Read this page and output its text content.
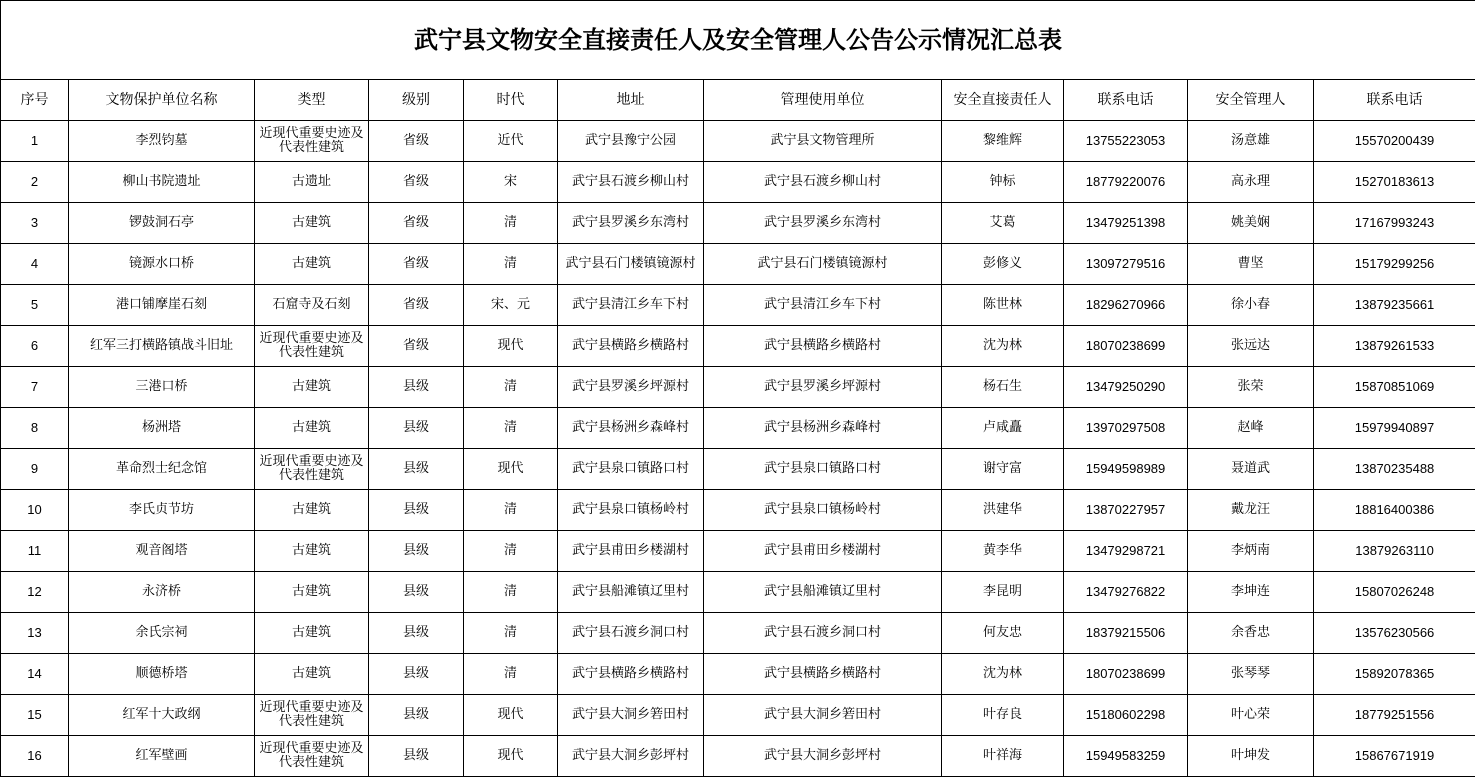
武宁县文物安全直接责任人及安全管理人公告公示情况汇总表										
序号	文物保护单位名称	类型	级别	时代	地址	管理使用单位	安全直接责任人	联系电话	安全管理人	联系电话
1	李烈钧墓	近现代重要史迹及代表性建筑	省级	近代	武宁县豫宁公园	武宁县文物管理所	黎维辉	13755223053	汤意雄	15570200439
2	柳山书院遗址	古遗址	省级	宋	武宁县石渡乡柳山村	武宁县石渡乡柳山村	钟标	18779220076	高永理	15270183613
3	锣鼓洞石亭	古建筑	省级	清	武宁县罗溪乡东湾村	武宁县罗溪乡东湾村	艾葛	13479251398	姚美娴	17167993243
4	镜源水口桥	古建筑	省级	清	武宁县石门楼镇镜源村	武宁县石门楼镇镜源村	彭修义	13097279516	曹坚	15179299256
5	港口铺摩崖石刻	石窟寺及石刻	省级	宋、元	武宁县清江乡车下村	武宁县清江乡车下村	陈世林	18296270966	徐小春	13879235661
6	红军三打横路镇战斗旧址	近现代重要史迹及代表性建筑	省级	现代	武宁县横路乡横路村	武宁县横路乡横路村	沈为林	18070238699	张远达	13879261533
7	三港口桥	古建筑	县级	清	武宁县罗溪乡坪源村	武宁县罗溪乡坪源村	杨石生	13479250290	张荣	15870851069
8	杨洲塔	古建筑	县级	清	武宁县杨洲乡森峰村	武宁县杨洲乡森峰村	卢咸矗	13970297508	赵峰	15979940897
9	革命烈士纪念馆	近现代重要史迹及代表性建筑	县级	现代	武宁县泉口镇路口村	武宁县泉口镇路口村	谢守富	15949598989	聂道武	13870235488
10	李氏贞节坊	古建筑	县级	清	武宁县泉口镇杨岭村	武宁县泉口镇杨岭村	洪建华	13870227957	戴龙汪	18816400386
11	观音阁塔	古建筑	县级	清	武宁县甫田乡楼湖村	武宁县甫田乡楼湖村	黄李华	13479298721	李炳南	13879263110
12	永济桥	古建筑	县级	清	武宁县船滩镇辽里村	武宁县船滩镇辽里村	李昆明	13479276822	李坤连	15807026248
13	余氏宗祠	古建筑	县级	清	武宁县石渡乡洞口村	武宁县石渡乡洞口村	何友忠	18379215506	余香忠	13576230566
14	顺德桥塔	古建筑	县级	清	武宁县横路乡横路村	武宁县横路乡横路村	沈为林	18070238699	张琴琴	15892078365
15	红军十大政纲	近现代重要史迹及代表性建筑	县级	现代	武宁县大洞乡箬田村	武宁县大洞乡箬田村	叶存良	15180602298	叶心荣	18779251556
16	红军壁画	近现代重要史迹及代表性建筑	县级	现代	武宁县大洞乡彭坪村	武宁县大洞乡彭坪村	叶祥海	15949583259	叶坤发	15867671919
